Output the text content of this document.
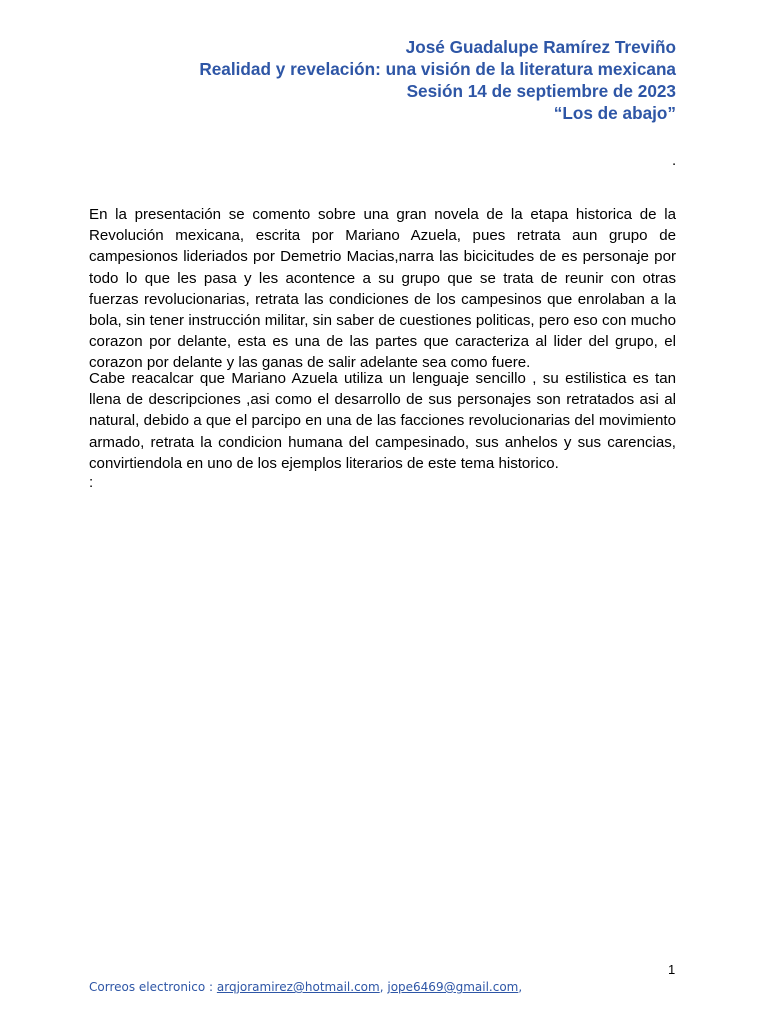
José Guadalupe Ramírez Treviño
Realidad y revelación: una visión de la literatura mexicana
Sesión 14 de septiembre de 2023
“Los de abajo”
.

En la presentación se comento sobre una gran novela de la etapa historica de la Revolución mexicana, escrita por Mariano Azuela, pues retrata aun grupo de campesionos lideriados por Demetrio Macias,narra las bicicitudes de es personaje por todo lo que les pasa y les acontence a su grupo que se trata de reunir con otras fuerzas revolucionarias, retrata las condiciones de los campesinos que enrolaban a la bola, sin tener instrucción militar, sin saber de cuestiones politicas, pero eso con mucho corazon por delante, esta es una de las partes que caracteriza al lider del grupo, el corazon por delante y las ganas de salir adelante sea como fuere.

Cabe reacalcar que Mariano Azuela utiliza un lenguaje sencillo , su estilistica es tan llena de descripciones ,asi como el desarrollo de sus personajes son retratados asi al natural, debido a que el parcipo en una de las facciones revolucionarias del movimiento armado, retrata la condicion humana del campesinado, sus anhelos y sus carencias, convirtiendola en uno de los ejemplos literarios de este tema historico.

:
1
Correos electronico : arqjoramirez@hotmail.com, jope6469@gmail.com,
